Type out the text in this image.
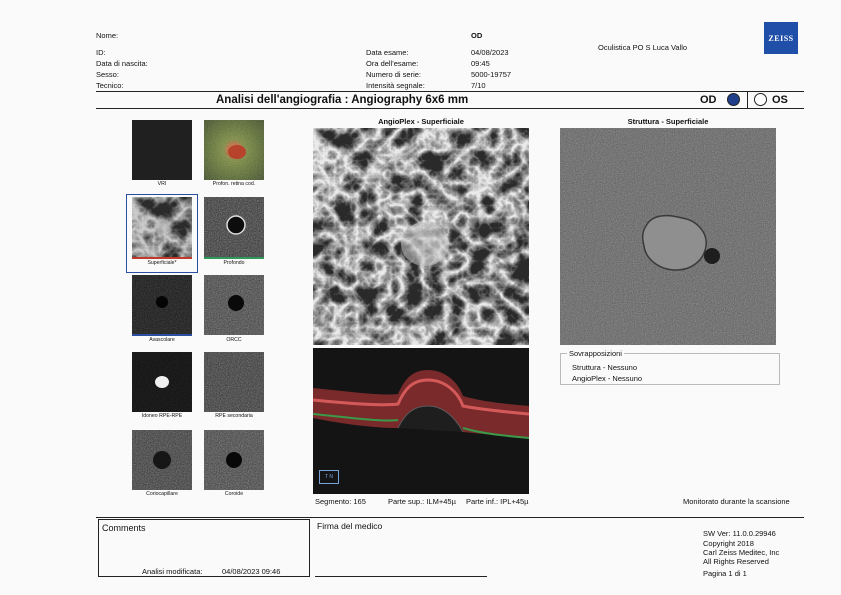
Nome:	OD
ID:
Data di nascita:
Sesso:
Tecnico:
Data esame:	04/08/2023
Ora dell'esame:	09:45
Numero di serie:	5000-19757
Intensità segnale:	7/10
Oculistica PO S Luca Vallo
ZEISS
Analisi dell'angiografia : Angiography 6x6 mm	OD	OS
VRI	Profon. retina cod.
Superficiale*	Profondo
Avascolare	ORCC
Idoneo RPE-RPE	RPE secondaria
Coriocapillare	Coroide
AngioPlex - Superficiale
T N
Segmento: 165	Parte sup.: ILM+45µ Parte inf.: IPL+45µ
Struttura - Superficiale
Sovrapposizioni
Struttura - Nessuno
AngioPlex - Nessuno
Monitorato durante la scansione
Comments
Analisi modificata:	04/08/2023 09:46
Firma del medico
SW Ver: 11.0.0.29946
Copyright 2018
Carl Zeiss Meditec, Inc
All Rights Reserved
Pagina 1 di 1
